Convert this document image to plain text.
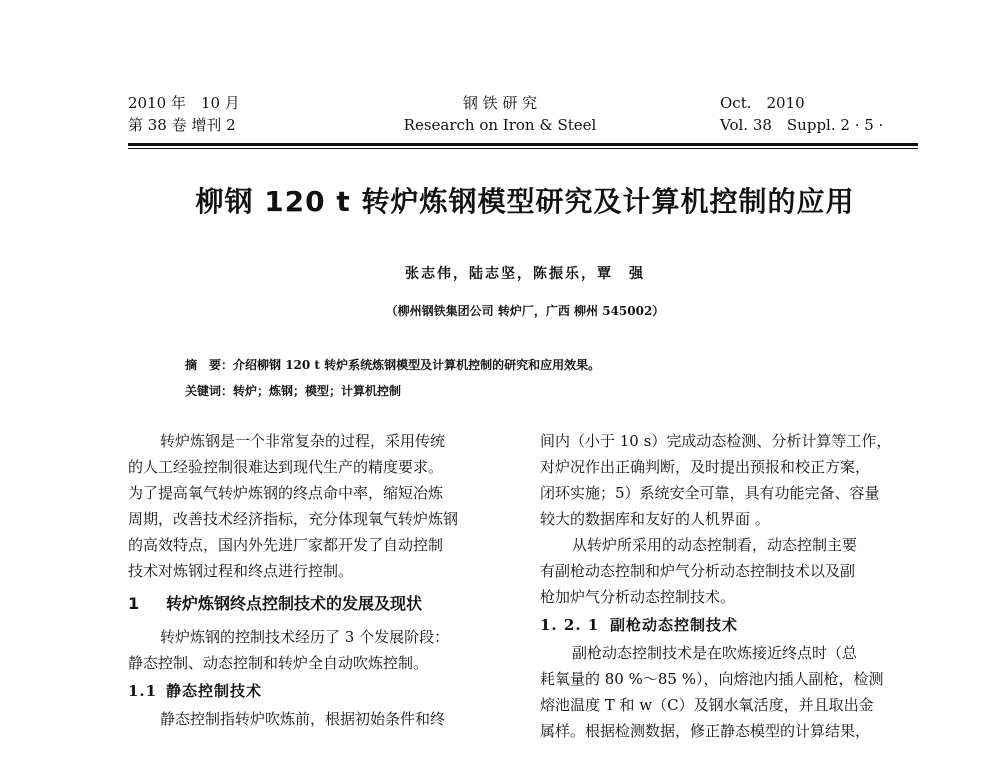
2010 年　10 月
第 38 卷 增刊 2
钢 铁 研 究
Research on Iron & Steel
Oct.　2010
Vol. 38　Suppl. 2 · 5 ·
柳钢 120 t 转炉炼钢模型研究及计算机控制的应用
张志伟，陆志坚，陈振乐，覃　强
（柳州钢铁集团公司 转炉厂，广西 柳州 545002）
摘　要：介绍柳钢 120 t 转炉系统炼钢模型及计算机控制的研究和应用效果。
关键词：转炉；炼钢；模型；计算机控制
转炉炼钢是一个非常复杂的过程，采用传统
的人工经验控制很难达到现代生产的精度要求。
为了提高氧气转炉炼钢的终点命中率，缩短冶炼
周期，改善技术经济指标，充分体现氧气转炉炼钢
的高效特点，国内外先进厂家都开发了自动控制
技术对炼钢过程和终点进行控制。
1 转炉炼钢终点控制技术的发展及现状
转炉炼钢的控制技术经历了 3 个发展阶段：
静态控制、动态控制和转炉全自动吹炼控制。
1.1 静态控制技术
静态控制指转炉吹炼前，根据初始条件和终
间内（小于 10 s）完成动态检测、分析计算等工作，
对炉况作出正确判断，及时提出预报和校正方案，
闭环实施；5）系统安全可靠，具有功能完备、容量
较大的数据库和友好的人机界面 。
从转炉所采用的动态控制看，动态控制主要
有副枪动态控制和炉气分析动态控制技术以及副
枪加炉气分析动态控制技术。
1. 2. 1 副枪动态控制技术
副枪动态控制技术是在吹炼接近终点时（总
耗氧量的 80 %～85 %），向熔池内插人副枪，检测
熔池温度 T 和 w（C）及钢水氧活度，并且取出金
属样。根据检测数据，修正静态模型的计算结果，
